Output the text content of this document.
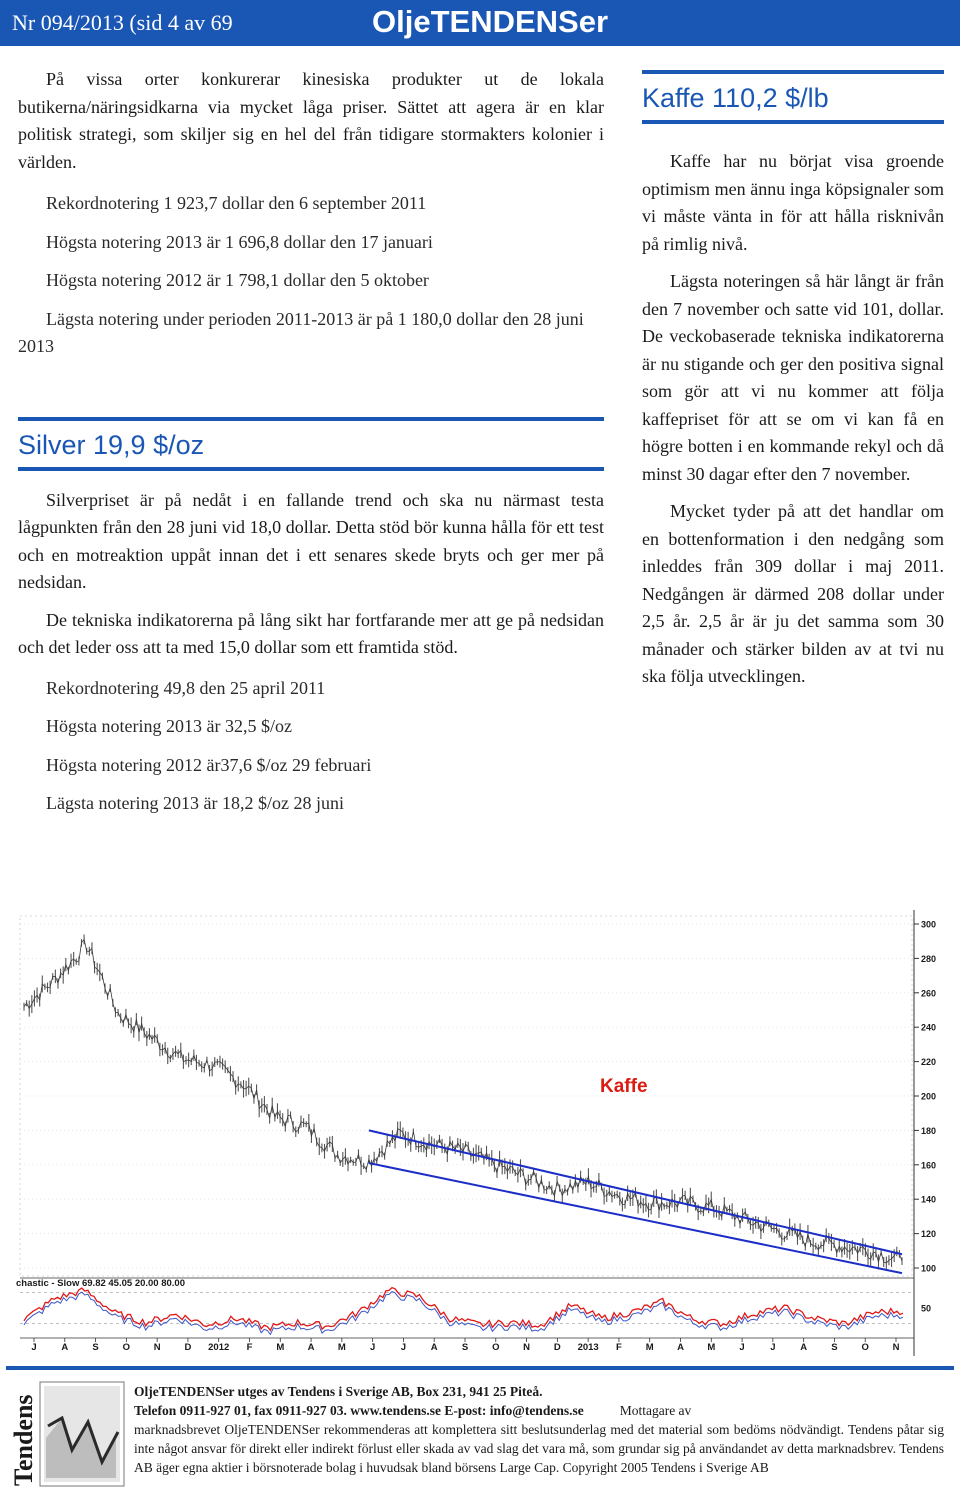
Nr 094/2013 (sid 4 av 69	OljeTENDENSer

På vissa orter konkurerar kinesiska produkter ut de lokala butikerna/näringsidkarna via mycket låga priser. Sättet att agera är en klar politisk strategi, som skiljer sig en hel del från tidigare stormakters kolonier i världen.

Rekordnotering 1 923,7 dollar den 6 september 2011

Högsta notering 2013 är 1 696,8 dollar den 17 januari

Högsta notering 2012 är 1 798,1 dollar den 5 oktober

Lägsta notering under perioden 2011-2013 är på 1 180,0 dollar den 28 juni 2013

Silver 19,9 $/oz

Silverpriset är på nedåt i en fallande trend och ska nu närmast testa lågpunkten från den 28 juni vid 18,0 dollar. Detta stöd bör kunna hålla för ett test och en motreaktion uppåt innan det i ett senares skede bryts och ger mer på nedsidan.

De tekniska indikatorerna på lång sikt har fortfarande mer att ge på nedsidan och det leder oss att ta med 15,0 dollar som ett framtida stöd.

Rekordnotering 49,8 den 25 april 2011

Högsta notering 2013 är 32,5 $/oz

Högsta notering 2012 är37,6 $/oz 29 februari

Lägsta notering 2013 är 18,2 $/oz 28 juni

Kaffe 110,2 $/lb

Kaffe har nu börjat visa groende optimism men ännu inga köpsignaler som vi måste vänta in för att hålla risknivån på rimlig nivå.

Lägsta noteringen så här långt är från den 7 november och satte vid 101, dollar. De veckobaserade tekniska indikatorerna är nu stigande och ger den positiva signal som gör att vi nu kommer att följa kaffepriset för att se om vi kan få en högre botten i en kommande rekyl och då minst 30 dagar efter den 7 november.

Mycket tyder på att det handlar om en bottenformation i den nedgång som inleddes från 309 dollar i maj 2011. Nedgången är därmed 208 dollar under 2,5 år. 2,5 år är ju det samma som 30 månader och stärker bilden av at tvi nu ska följa utvecklingen.

300
280
260
240
220
200
180
160
140
120
100
Kaffe
chastic - Slow 69.82 45.05 20.00 80.00
50
J	A	S	O N	D 2012 F	M A M	J	J	A	S	O N	D 2013 F	M A M	J	J	A	S	O N
Tendens
OljeTENDENSer utges av Tendens i Sverige AB, Box 231, 941 25 Piteå.
Telefon 0911-927 01, fax 0911-927 03. www.tendens.se E-post: info@tendens.se	Mottagare av
marknadsbrevet OljeTENDENSer rekommenderas att komplettera sitt beslutsunderlag med det material som bedöms nödvändigt. Tendens påtar sig inte något ansvar för direkt eller indirekt förlust eller skada av vad slag det vara må, som grundar sig på användandet av detta marknadsbrev. Tendens AB äger egna aktier i börsnoterade bolag i huvudsak bland börsens Large Cap. Copyright 2005 Tendens i Sverige AB
